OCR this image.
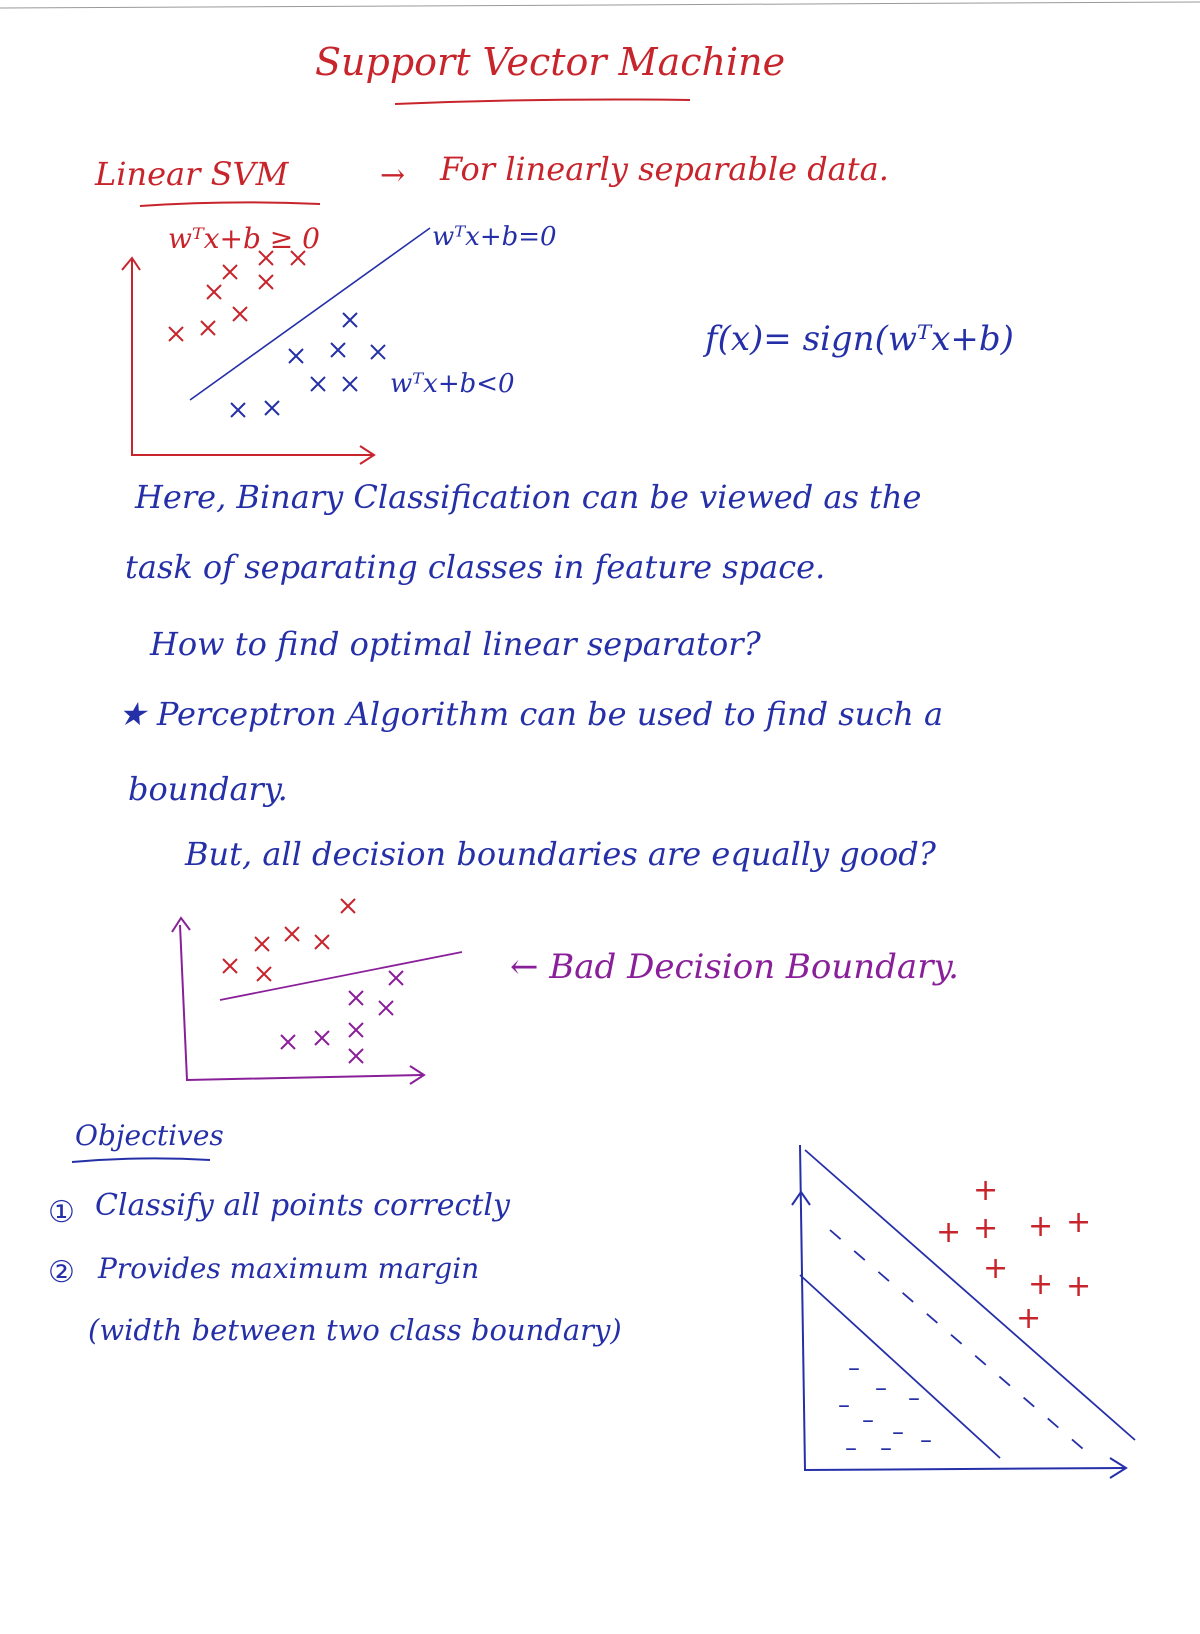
Support Vector Machine
Linear SVM	→ For linearly separable data.
wᵀx+b ≥ 0	wᵀx+b=0
wᵀx+b<0
f(x)= sign(wᵀx+b)
Here, Binary Classification can be viewed as the
task of separating classes in feature space.
How to find optimal linear separator?
★ Perceptron Algorithm can be used to find such a
boundary.
But, all decision boundaries are equally good?
← Bad Decision Boundary.
Objectives
① Classify all points correctly
② Provides maximum margin
(width between two class boundary)
+
+ + + +
+ + +
+
–
– –
–
– – –
– –
